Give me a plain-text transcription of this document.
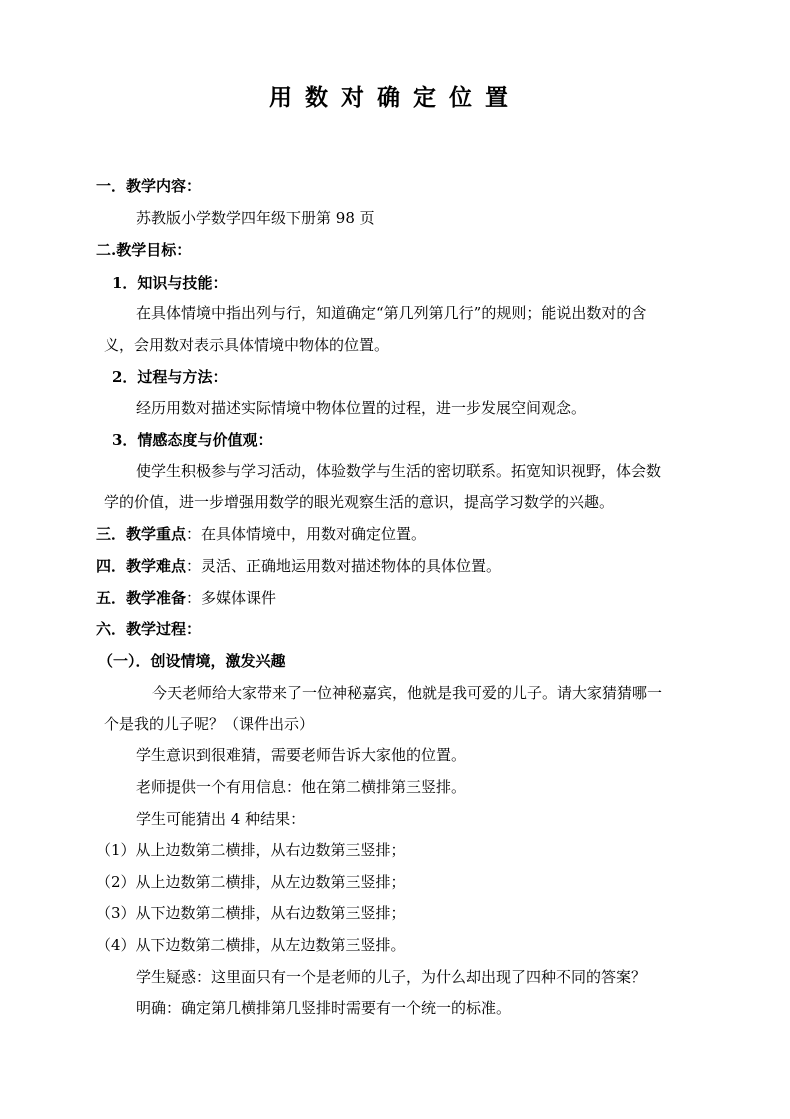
用数对确定位置
一．教学内容：
苏教版小学数学四年级下册第 98 页
二.教学目标：
1．知识与技能：
在具体情境中指出列与行，知道确定“第几列第几行”的规则；能说出数对的含
义，会用数对表示具体情境中物体的位置。
2．过程与方法：
经历用数对描述实际情境中物体位置的过程，进一步发展空间观念。
3．情感态度与价值观：
使学生积极参与学习活动，体验数学与生活的密切联系。拓宽知识视野，体会数
学的价值，进一步增强用数学的眼光观察生活的意识，提高学习数学的兴趣。
三．教学重点：在具体情境中，用数对确定位置。
四．教学难点：灵活、正确地运用数对描述物体的具体位置。
五．教学准备：多媒体课件
六．教学过程：
（一）．创设情境，激发兴趣
今天老师给大家带来了一位神秘嘉宾，他就是我可爱的儿子。请大家猜猜哪一
个是我的儿子呢？（课件出示）
学生意识到很难猜，需要老师告诉大家他的位置。
老师提供一个有用信息：他在第二横排第三竖排。
学生可能猜出 4 种结果：
（1）从上边数第二横排，从右边数第三竖排；
（2）从上边数第二横排，从左边数第三竖排；
（3）从下边数第二横排，从右边数第三竖排；
（4）从下边数第二横排，从左边数第三竖排。
学生疑惑：这里面只有一个是老师的儿子，为什么却出现了四种不同的答案？
明确：确定第几横排第几竖排时需要有一个统一的标准。
